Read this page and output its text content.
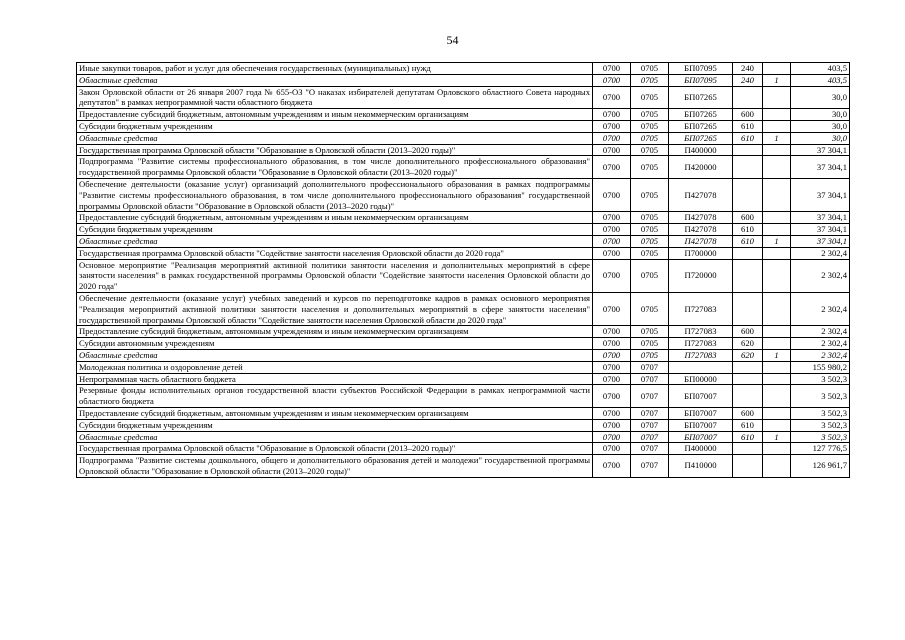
54
Иные закупки товаров, работ и услуг для обеспечения государственных (муниципальных) нужд	0700	0705	БП07095	240		403,5
Областные средства	0700	0705	БП07095	240	1	403,5
Закон Орловской области от 26 января 2007 года № 655-ОЗ "О наказах избирателей депутатам Орловского областного Совета народных депутатов" в рамках непрограммной части областного бюджета	0700	0705	БП07265			30,0
Предоставление субсидий бюджетным, автономным учреждениям и иным некоммерческим организациям	0700	0705	БП07265	600		30,0
Субсидии бюджетным учреждениям	0700	0705	БП07265	610		30,0
Областные средства	0700	0705	БП07265	610	1	30,0
Государственная программа Орловской области "Образование в Орловской области (2013–2020 годы)"	0700	0705	П400000			37 304,1
Подпрограмма "Развитие системы профессионального образования, в том числе дополнительного профессионального образования" государственной программы Орловской области "Образование в Орловской области (2013–2020 годы)"	0700	0705	П420000			37 304,1
Обеспечение деятельности (оказание услуг) организаций дополнительного профессионального образования в рамках подпрограммы "Развитие системы профессионального образования, в том числе дополнительного профессионального образования" государственной программы Орловской области "Образование в Орловской области (2013–2020 годы)"	0700	0705	П427078			37 304,1
Предоставление субсидий бюджетным, автономным учреждениям и иным некоммерческим организациям	0700	0705	П427078	600		37 304,1
Субсидии бюджетным учреждениям	0700	0705	П427078	610		37 304,1
Областные средства	0700	0705	П427078	610	1	37 304,1
Государственная программа Орловской области "Содействие занятости населения Орловской области до 2020 года"	0700	0705	П700000			2 302,4
Основное мероприятие "Реализация мероприятий активной политики занятости населения и дополнительных мероприятий в сфере занятости населения" в рамках государственной программы Орловской области "Содействие занятости населения Орловской области до 2020 года"	0700	0705	П720000			2 302,4
Обеспечение деятельности (оказание услуг) учебных заведений и курсов по переподготовке кадров в рамках основного мероприятия "Реализация мероприятий активной политики занятости населения и дополнительных мероприятий в сфере занятости населения" государственной программы Орловской области "Содействие занятости населения Орловской области до 2020 года"	0700	0705	П727083			2 302,4
Предоставление субсидий бюджетным, автономным учреждениям и иным некоммерческим организациям	0700	0705	П727083	600		2 302,4
Субсидии автономным учреждениям	0700	0705	П727083	620		2 302,4
Областные средства	0700	0705	П727083	620	1	2 302,4
Молодежная политика и оздоровление детей	0700	0707				155 980,2
Непрограммная часть областного бюджета	0700	0707	БП00000			3 502,3
Резервные фонды исполнительных органов государственной власти субъектов Российской Федерации в рамках непрограммной части областного бюджета	0700	0707	БП07007			3 502,3
Предоставление субсидий бюджетным, автономным учреждениям и иным некоммерческим организациям	0700	0707	БП07007	600		3 502,3
Субсидии бюджетным учреждениям	0700	0707	БП07007	610		3 502,3
Областные средства	0700	0707	БП07007	610	1	3 502,3
Государственная программа Орловской области "Образование в Орловской области (2013–2020 годы)"	0700	0707	П400000			127 776,5
Подпрограмма "Развитие системы дошкольного, общего и дополнительного образования детей и молодежи" государственной программы Орловской области "Образование в Орловской области (2013–2020 годы)"	0700	0707	П410000			126 961,7
